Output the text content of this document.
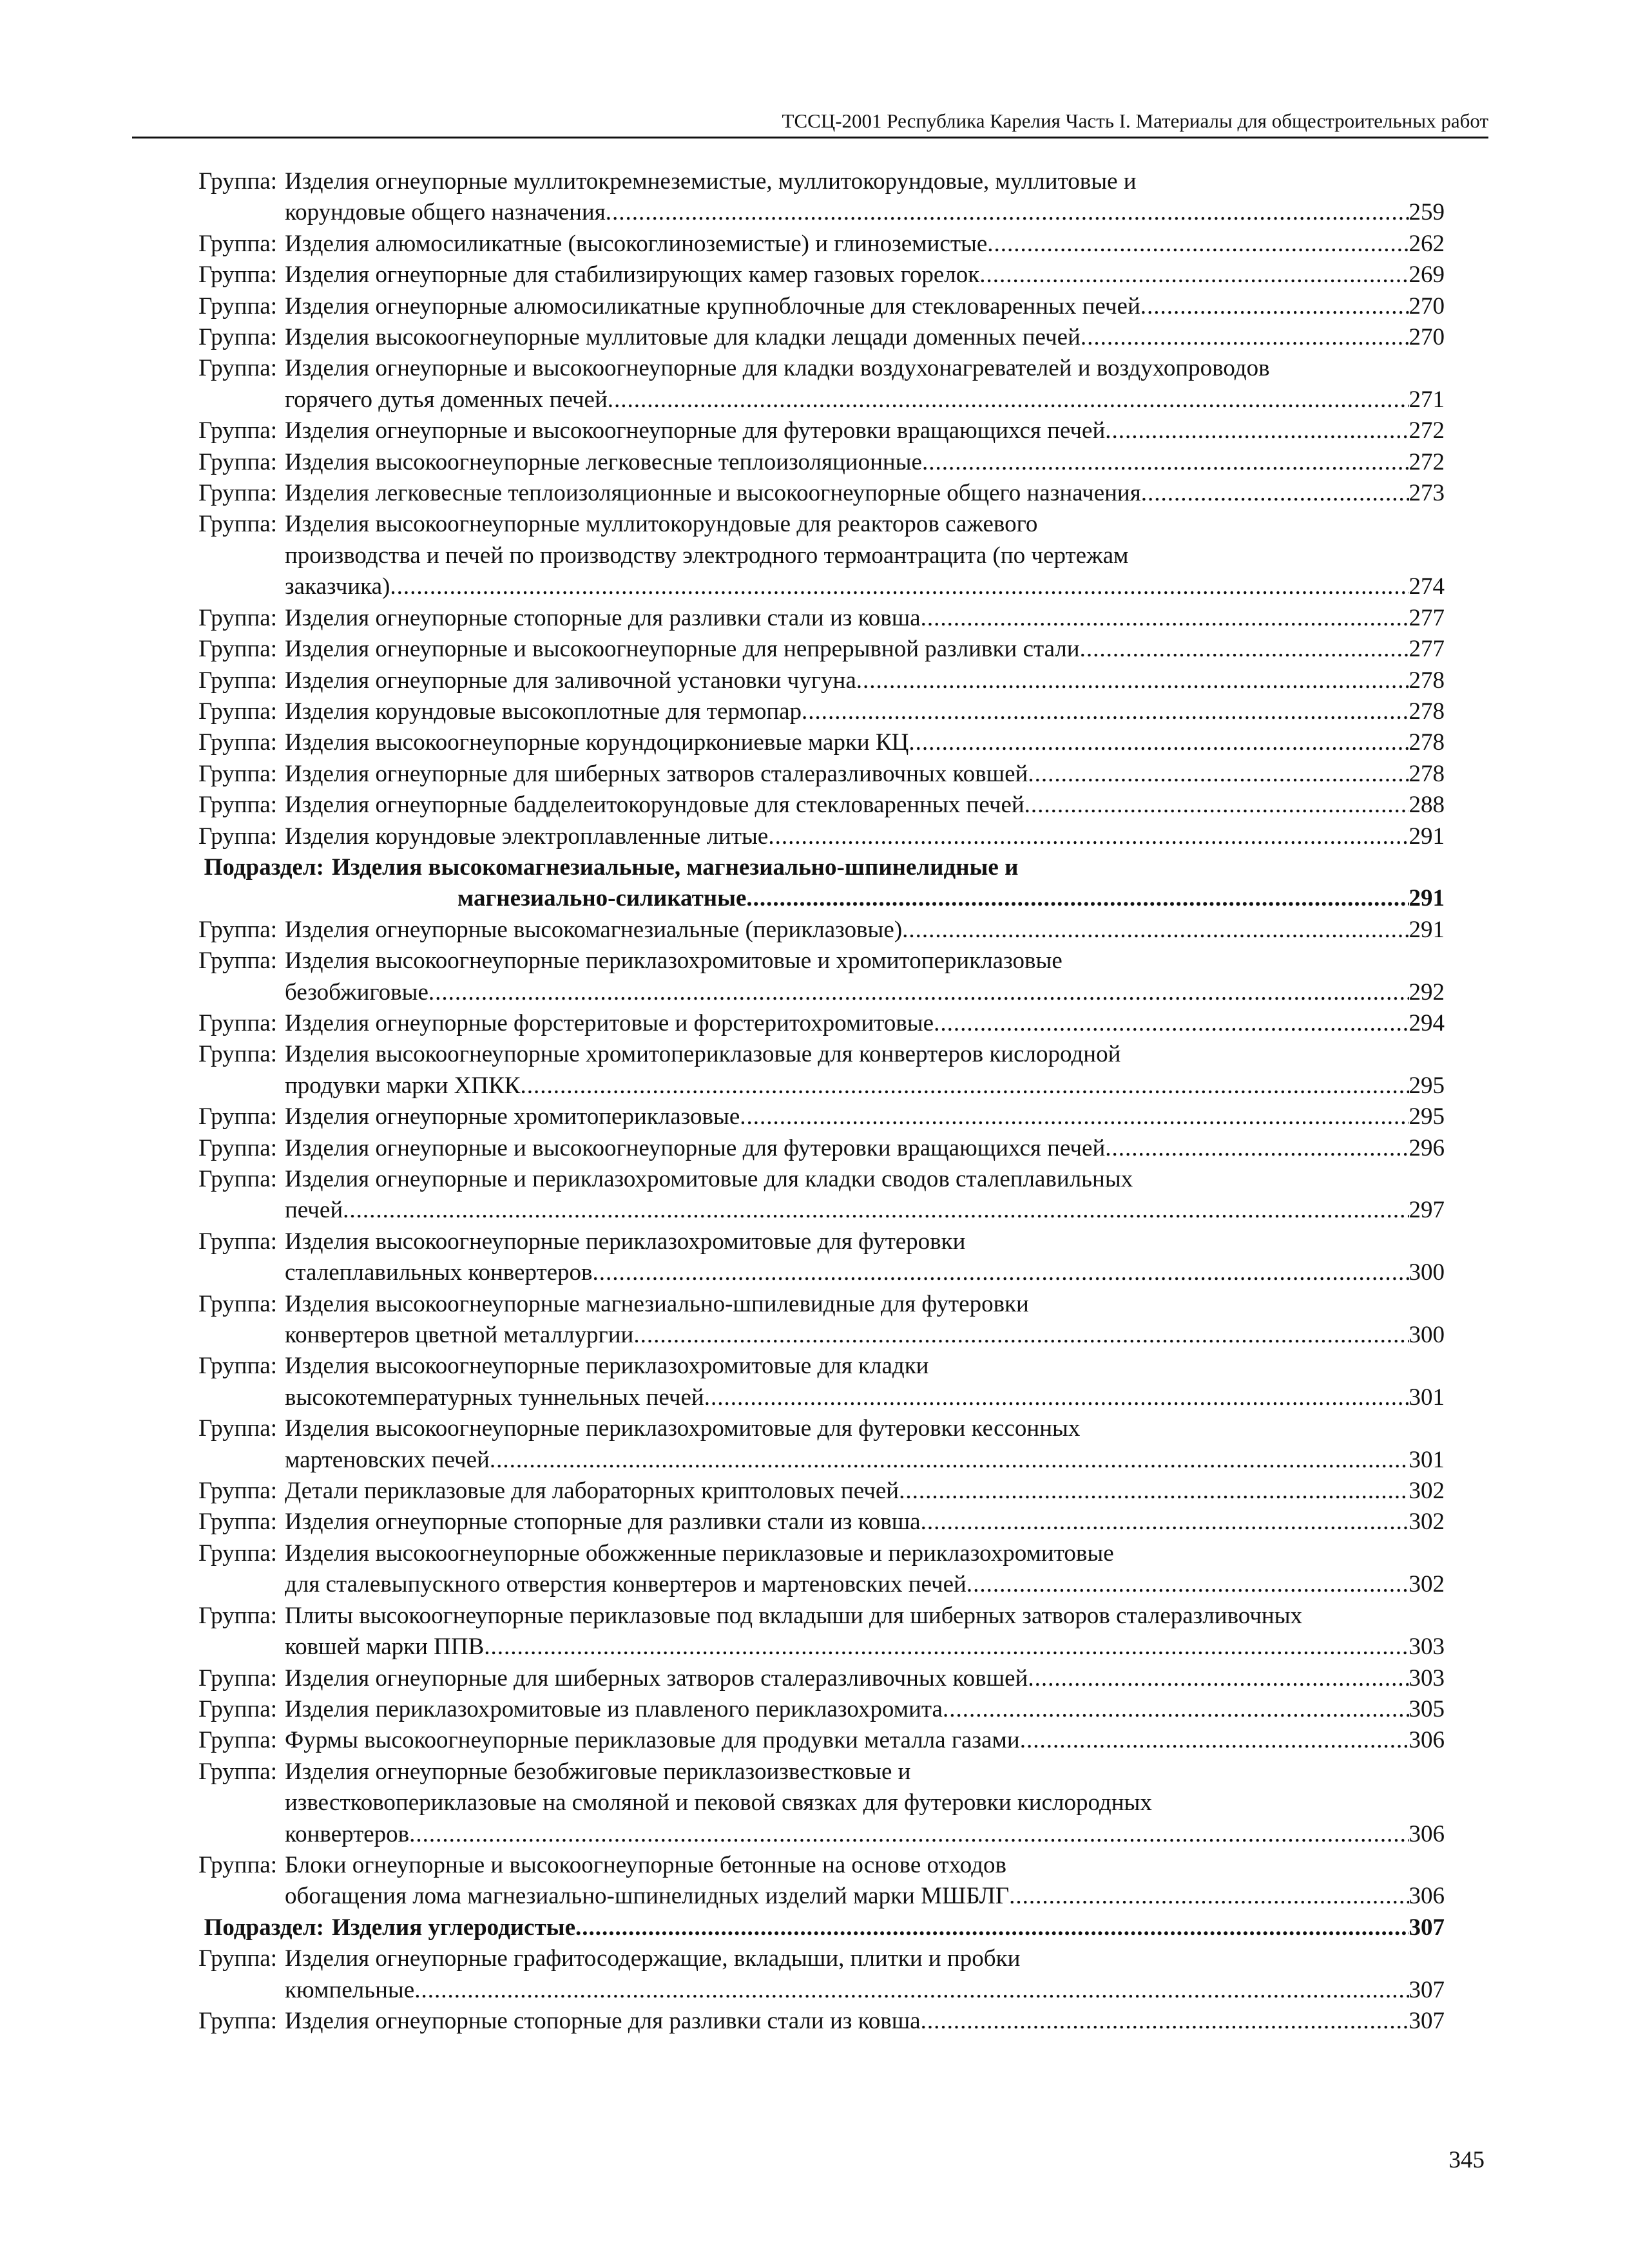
ТССЦ-2001 Республика Карелия Часть I. Материалы для общестроительных работ
Группа: Изделия огнеупорные муллитокремнеземистые, муллитокорундовые, муллитовые и
корундовые общего назначения .....	259
Группа: Изделия алюмосиликатные (высокоглиноземистые) и глиноземистые .....	262
Группа: Изделия огнеупорные для стабилизирующих камер газовых горелок .....	269
Группа: Изделия огнеупорные алюмосиликатные крупноблочные для стекловаренных печей .....	270
Группа: Изделия высокоогнеупорные муллитовые для кладки лещади доменных печей .....	270
Группа: Изделия огнеупорные и высокоогнеупорные для кладки воздухонагревателей и воздухопроводов
горячего дутья доменных печей .....	271
Группа: Изделия огнеупорные и высокоогнеупорные для футеровки вращающихся печей .....	272
Группа: Изделия высокоогнеупорные легковесные теплоизоляционные .....	272
Группа: Изделия легковесные теплоизоляционные и высокоогнеупорные общего назначения .....	273
Группа: Изделия высокоогнеупорные муллитокорундовые для реакторов сажевого
производства и печей по производству электродного термоантрацита (по чертежам
заказчика) .....	274
Группа: Изделия огнеупорные стопорные для разливки стали из ковша .....	277
Группа: Изделия огнеупорные и высокоогнеупорные для непрерывной разливки стали .....	277
Группа: Изделия огнеупорные для заливочной установки чугуна .....	278
Группа: Изделия корундовые высокоплотные для термопар .....	278
Группа: Изделия высокоогнеупорные корундоциркониевые марки КЦ .....	278
Группа: Изделия огнеупорные для шиберных затворов сталеразливочных ковшей .....	278
Группа: Изделия огнеупорные бадделеитокорундовые для стекловаренных печей .....	288
Группа: Изделия корундовые электроплавленные литые .....	291
Подраздел: Изделия высокомагнезиальные, магнезиально-шпинелидные и
магнезиально-силикатные .....	291
Группа: Изделия огнеупорные высокомагнезиальные (периклазовые) .....	291
Группа: Изделия высокоогнеупорные периклазохромитовые и хромитопериклазовые
безобжиговые .....	292
Группа: Изделия огнеупорные форстеритовые и форстеритохромитовые .....	294
Группа: Изделия высокоогнеупорные хромитопериклазовые для конвертеров кислородной
продувки марки ХПКК .....	295
Группа: Изделия огнеупорные хромитопериклазовые .....	295
Группа: Изделия огнеупорные и высокоогнеупорные для футеровки вращающихся печей .....	296
Группа: Изделия огнеупорные и периклазохромитовые для кладки сводов сталеплавильных
печей .....	297
Группа: Изделия высокоогнеупорные периклазохромитовые для футеровки
сталеплавильных конвертеров .....	300
Группа: Изделия высокоогнеупорные магнезиально-шпилевидные для футеровки
конвертеров цветной металлургии .....	300
Группа: Изделия высокоогнеупорные периклазохромитовые для кладки
высокотемпературных туннельных печей .....	301
Группа: Изделия высокоогнеупорные периклазохромитовые для футеровки кессонных
мартеновских печей .....	301
Группа: Детали периклазовые для лабораторных криптоловых печей .....	302
Группа: Изделия огнеупорные стопорные для разливки стали из ковша .....	302
Группа: Изделия высокоогнеупорные обожженные периклазовые и периклазохромитовые
для сталевыпускного отверстия конвертеров и мартеновских печей .....	302
Группа: Плиты высокоогнеупорные периклазовые под вкладыши для шиберных затворов сталеразливочных
ковшей марки ППВ .....	303
Группа: Изделия огнеупорные для шиберных затворов сталеразливочных ковшей .....	303
Группа: Изделия периклазохромитовые из плавленого периклазохромита .....	305
Группа: Фурмы высокоогнеупорные периклазовые для продувки металла газами .....	306
Группа: Изделия огнеупорные безобжиговые периклазоизвестковые и
известковопериклазовые на смоляной и пековой связках для футеровки кислородных
конвертеров .....	306
Группа: Блоки огнеупорные и высокоогнеупорные бетонные на основе отходов
обогащения лома магнезиально-шпинелидных изделий марки МШБЛГ .....	306
Подраздел: Изделия углеродистые .....	307
Группа: Изделия огнеупорные графитосодержащие, вкладыши, плитки и пробки
кюмпельные .....	307
Группа: Изделия огнеупорные стопорные для разливки стали из ковша .....	307
345
